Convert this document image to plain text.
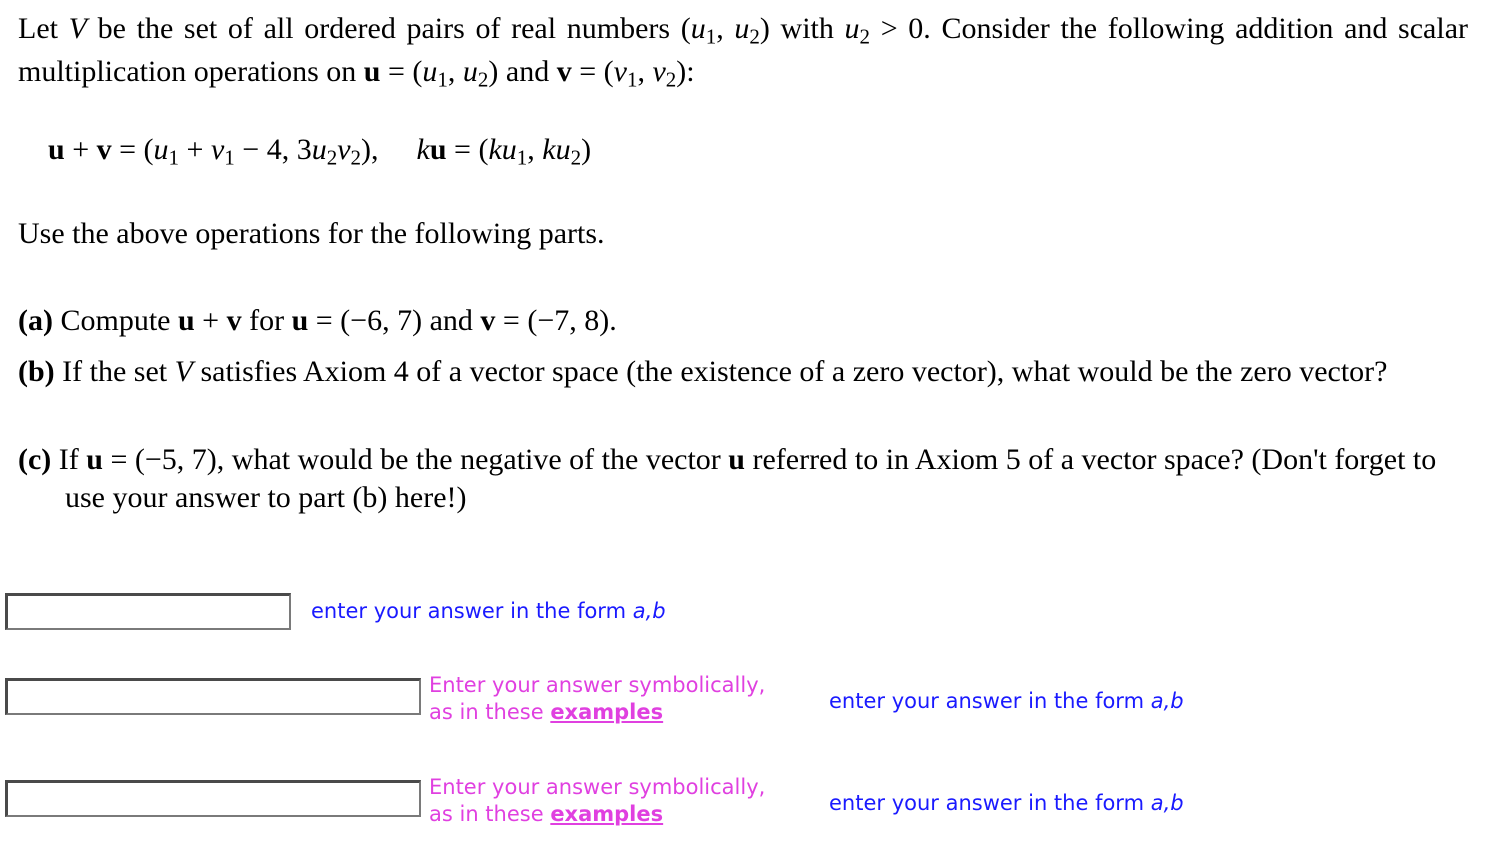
Let V be the set of all ordered pairs of real numbers ($u_1$, $u_2$) with $u_2 > 0$. Consider the following addition and scalar multiplication operations on $u = (u_1$, $u_2$) and $v = (v_1$, $v_2$):
$u + v = (u_1 + v_1 - 4$, $3u_2v_2$), ku = ($ku_1$, $ku_2$)
Use the above operations for the following parts.
(a) Compute u + v for u = (−6, 7) and v = (−7, 8).
(b) If the set V satisfies Axiom 4 of a vector space (the existence of a zero vector), what would be the zero vector?
(c) If u = (−5, 7), what would be the negative of the vector u referred to in Axiom 5 of a vector space? (Don't forget to use your answer to part (b) here!)
enter your answer in the form a,b
Enter your answer symbolically,
as in these examples	enter your answer in the form a,b
Enter your answer symbolically,
as in these examples	enter your answer in the form a,b
